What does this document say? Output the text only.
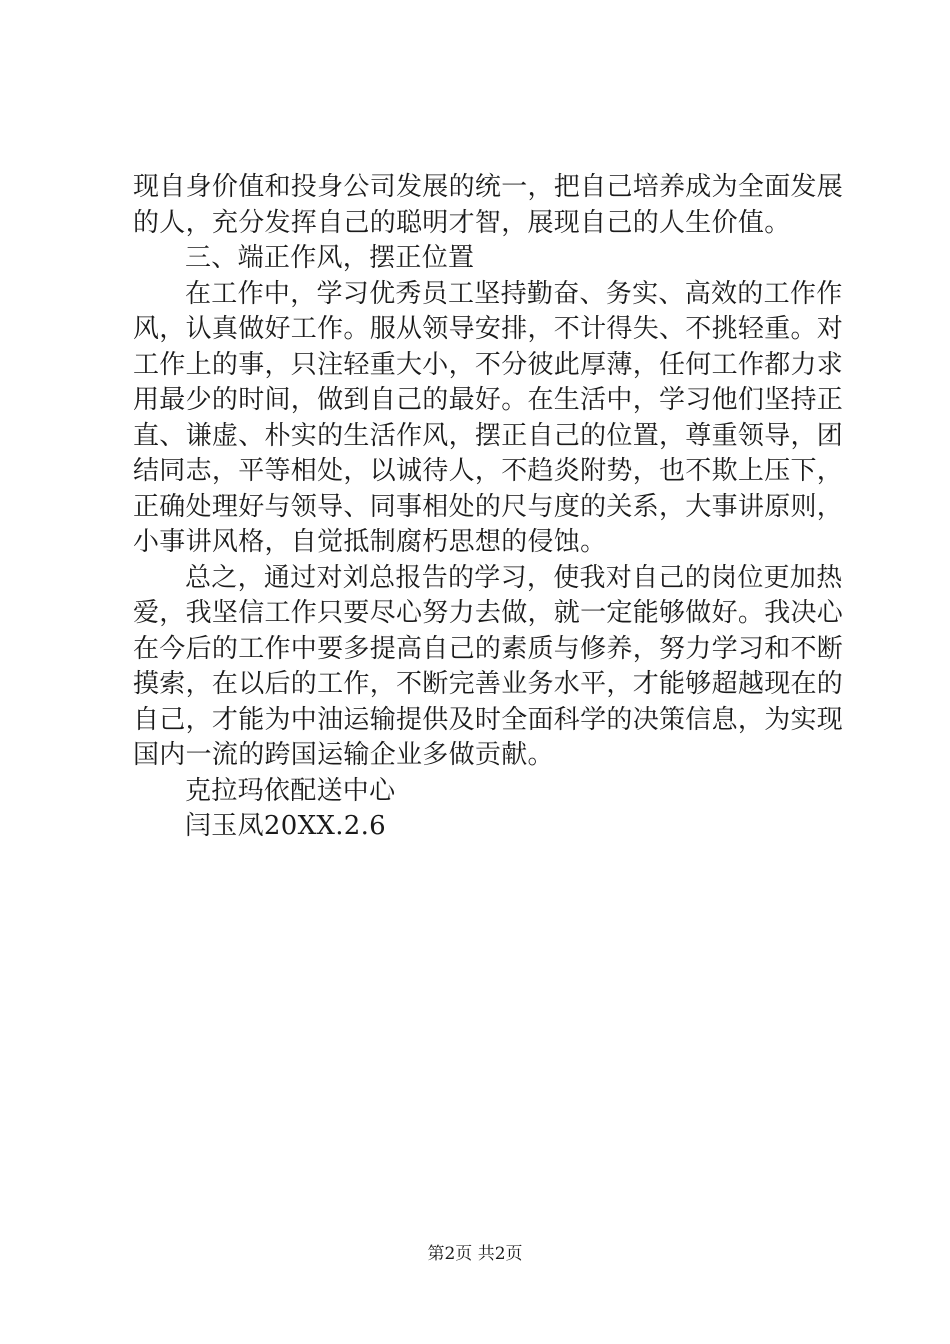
现自身价值和投身公司发展的统一，把自己培养成为全面发展
的人，充分发挥自己的聪明才智，展现自己的人生价值。
三、端正作风，摆正位置
在工作中，学习优秀员工坚持勤奋、务实、高效的工作作
风，认真做好工作。服从领导安排，不计得失、不挑轻重。对
工作上的事，只注轻重大小，不分彼此厚薄，任何工作都力求
用最少的时间，做到自己的最好。在生活中，学习他们坚持正
直、谦虚、朴实的生活作风，摆正自己的位置，尊重领导，团
结同志，平等相处，以诚待人，不趋炎附势，也不欺上压下，
正确处理好与领导、同事相处的尺与度的关系，大事讲原则，
小事讲风格，自觉抵制腐朽思想的侵蚀。
总之，通过对刘总报告的学习，使我对自己的岗位更加热
爱，我坚信工作只要尽心努力去做，就一定能够做好。我决心
在今后的工作中要多提高自己的素质与修养，努力学习和不断
摸索，在以后的工作，不断完善业务水平，才能够超越现在的
自己，才能为中油运输提供及时全面科学的决策信息，为实现
国内一流的跨国运输企业多做贡献。
克拉玛依配送中心
闫玉凤20XX.2.6
第2页 共2页
